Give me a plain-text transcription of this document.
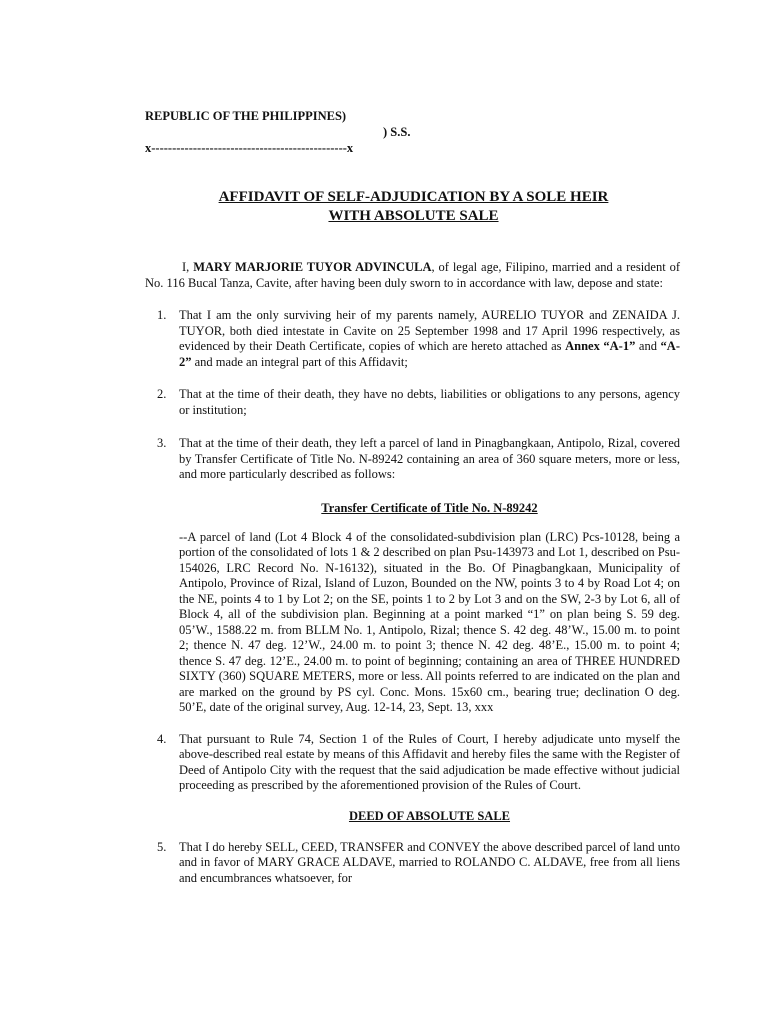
REPUBLIC OF THE PHILIPPINES)
) S.S.
x-----------------------------------------------x
AFFIDAVIT OF SELF-ADJUDICATION BY A SOLE HEIR
WITH ABSOLUTE SALE

I, MARY MARJORIE TUYOR ADVINCULA, of legal age, Filipino, married and a resident of No. 116 Bucal Tanza, Cavite, after having been duly sworn to in accordance with law, depose and state:

1. That I am the only surviving heir of my parents namely, AURELIO TUYOR and ZENAIDA J. TUYOR, both died intestate in Cavite on 25 September 1998 and 17 April 1996 respectively, as evidenced by their Death Certificate, copies of which are hereto attached as Annex “A-1” and “A-2” and made an integral part of this Affidavit;
2. That at the time of their death, they have no debts, liabilities or obligations to any persons, agency or institution;
3. That at the time of their death, they left a parcel of land in Pinagbangkaan, Antipolo, Rizal, covered by Transfer Certificate of Title No. N-89242 containing an area of 360 square meters, more or less, and more particularly described as follows:
Transfer Certificate of Title No. N-89242
--A parcel of land (Lot 4 Block 4 of the consolidated-subdivision plan (LRC) Pcs-10128, being a portion of the consolidated of lots 1 & 2 described on plan Psu-143973 and Lot 1, described on Psu-154026, LRC Record No. N-16132), situated in the Bo. Of Pinagbangkaan, Municipality of Antipolo, Province of Rizal, Island of Luzon, Bounded on the NW, points 3 to 4 by Road Lot 4; on the NE, points 4 to 1 by Lot 2; on the SE, points 1 to 2 by Lot 3 and on the SW, 2-3 by Lot 6, all of Block 4, all of the subdivision plan. Beginning at a point marked “1” on plan being S. 59 deg. 05’W., 1588.22 m. from BLLM No. 1, Antipolo, Rizal; thence S. 42 deg. 48’W., 15.00 m. to point 2; thence N. 47 deg. 12’W., 24.00 m. to point 3; thence N. 42 deg. 48’E., 15.00 m. to point 4; thence S. 47 deg. 12’E., 24.00 m. to point of beginning; containing an area of THREE HUNDRED SIXTY (360) SQUARE METERS, more or less. All points referred to are indicated on the plan and are marked on the ground by PS cyl. Conc. Mons. 15x60 cm., bearing true; declination O deg. 50’E, date of the original survey, Aug. 12-14, 23, Sept. 13, xxx
4. That pursuant to Rule 74, Section 1 of the Rules of Court, I hereby adjudicate unto myself the above-described real estate by means of this Affidavit and hereby files the same with the Register of Deed of Antipolo City with the request that the said adjudication be made effective without judicial proceeding as prescribed by the aforementioned provision of the Rules of Court.
DEED OF ABSOLUTE SALE
5. That I do hereby SELL, CEED, TRANSFER and CONVEY the above described parcel of land unto and in favor of MARY GRACE ALDAVE, married to ROLANDO C. ALDAVE, free from all liens and encumbrances whatsoever, for
